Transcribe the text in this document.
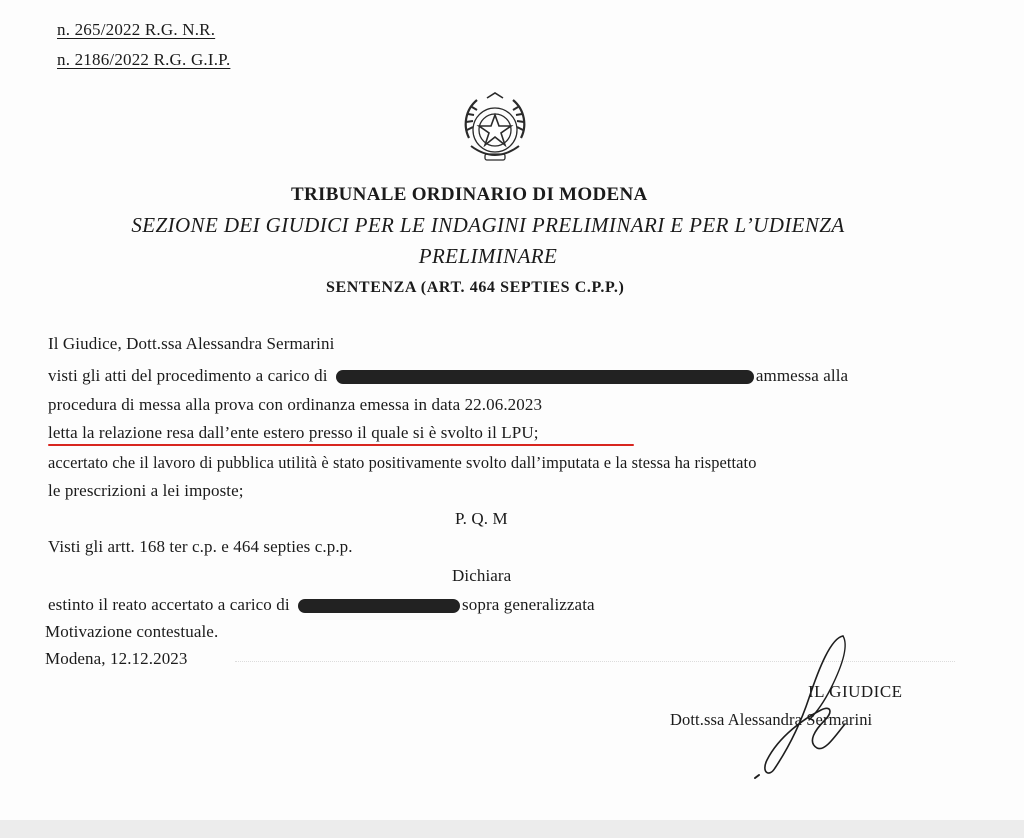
n. 265/2022 R.G. N.R.
n. 2186/2022 R.G. G.I.P.
TRIBUNALE ORDINARIO DI MODENA
SEZIONE DEI GIUDICI PER LE INDAGINI PRELIMINARI E PER L’UDIENZA
PRELIMINARE
SENTENZA (ART. 464 SEPTIES C.P.P.)
Il Giudice, Dott.ssa Alessandra Sermarini
visti gli atti del procedimento a carico di	ammessa alla
procedura di messa alla prova con ordinanza emessa in data 22.06.2023
letta la relazione resa dall’ente estero presso il quale si è svolto il LPU;
accertato che il lavoro di pubblica utilità è stato positivamente svolto dall’imputata e la stessa ha rispettato
le prescrizioni a lei imposte;
P. Q. M
Visti gli artt. 168 ter c.p. e 464 septies c.p.p.
Dichiara
estinto il reato accertato a carico di	sopra generalizzata
Motivazione contestuale.
Modena, 12.12.2023
IL GIUDICE
Dott.ssa Alessandra Sermarini
